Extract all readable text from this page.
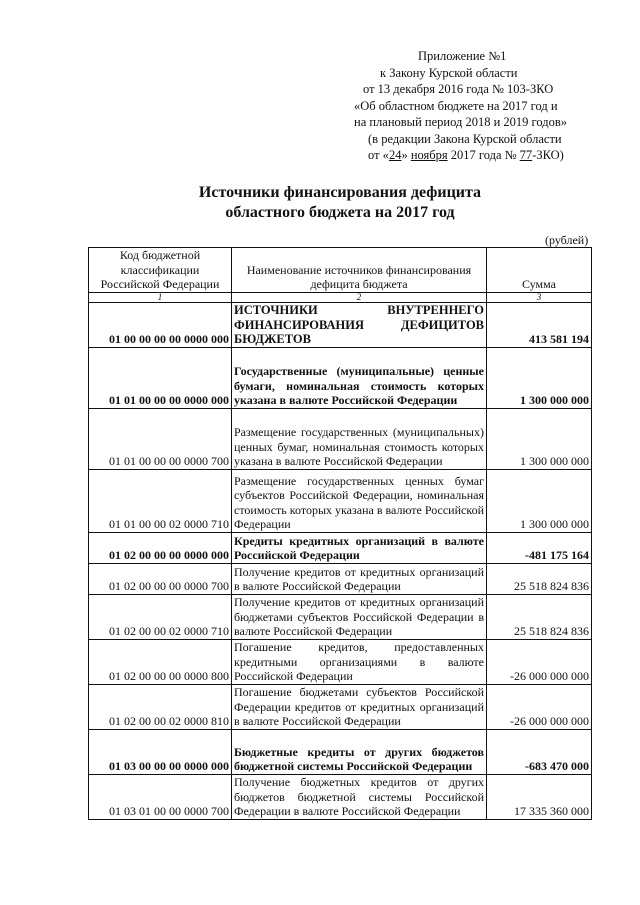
Приложение №1
к Закону Курской области
от 13 декабря 2016 года № 103-ЗКО
«Об областном бюджете на 2017 год и
на плановый период 2018 и 2019 годов»
(в редакции Закона Курской области
от «24» ноября 2017 года № 77-ЗКО)
Источники финансирования дефицита
областного бюджета на 2017 год
(рублей)
Код бюджетной классификации Российской Федерации	Наименование источников финансирования дефицита бюджета	Сумма
1	2	3
01 00 00 00 00 0000 000	ИСТОЧНИКИ ВНУТРЕННЕГО ФИНАНСИРОВАНИЯ ДЕФИЦИТОВ БЮДЖЕТОВ	413 581 194
01 01 00 00 00 0000 000	Государственные (муниципальные) ценные бумаги, номинальная стоимость которых указана в валюте Российской Федерации	1 300 000 000
01 01 00 00 00 0000 700	Размещение государственных (муниципальных) ценных бумаг, номинальная стоимость которых указана в валюте Российской Федерации	1 300 000 000
01 01 00 00 02 0000 710	Размещение государственных ценных бумаг субъектов Российской Федерации, номинальная стоимость которых указана в валюте Российской Федерации	1 300 000 000
01 02 00 00 00 0000 000	Кредиты кредитных организаций в валюте Российской Федерации	-481 175 164
01 02 00 00 00 0000 700	Получение кредитов от кредитных организаций в валюте Российской Федерации	25 518 824 836
01 02 00 00 02 0000 710	Получение кредитов от кредитных организаций бюджетами субъектов Российской Федерации в валюте Российской Федерации	25 518 824 836
01 02 00 00 00 0000 800	Погашение кредитов, предоставленных кредитными организациями в валюте Российской Федерации	-26 000 000 000
01 02 00 00 02 0000 810	Погашение бюджетами субъектов Российской Федерации кредитов от кредитных организаций в валюте Российской Федерации	-26 000 000 000
01 03 00 00 00 0000 000	Бюджетные кредиты от других бюджетов бюджетной системы Российской Федерации	-683 470 000
01 03 01 00 00 0000 700	Получение бюджетных кредитов от других бюджетов бюджетной системы Российской Федерации в валюте Российской Федерации	17 335 360 000
